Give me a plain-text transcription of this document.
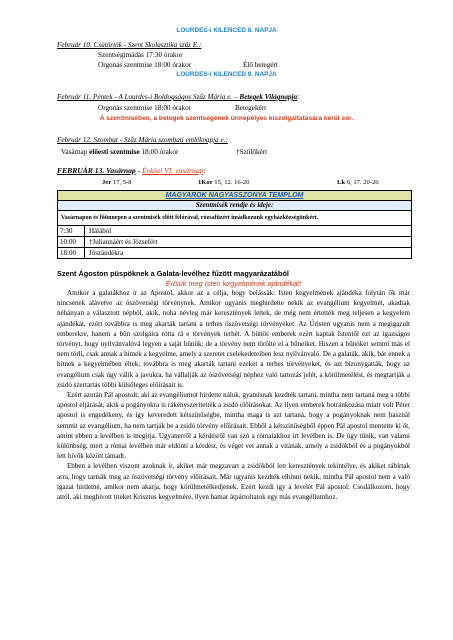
LOURDES-i KILENCED 8. NAPJA
Február 10. Csütörtök - Szent Skolasztika szűz E.:
Szentségimádás 17:30 órakor
Orgonás szentmise 18:00 órakor	Élő betegért
LOURDES-i KILENCED 9. NAPJA
Február 11. Péntek - A Lourdes-i Boldogságos Szűz Mária e. – Betegek Világnapja:
Orgonás szentmise 18:00 órakor	Betegekért
A szentmisében, a betegek szentségének ünnepélyes kiszolgáltatására kerül sor.
Február 12. Szombat - Szűz Mária szombati emléknapja e.:
Vasárnap előesti szentmise 18:00 órakor	†Szülőkért
FEBRUÁR 13. Vasárnap - Évközi VI. vasárnap:
Jer 17, 5-8	1Kor 15, 12. 16-20	Lk 6, 17. 20-26
MAGYAROK NAGYASSZONYA TEMPLOM
Szentmisék rendje és ideje:
Vasárnapon és főünnepen a szentmisék előtt félórával, rózsafüzért imádkozunk egyházközségünkért.
7:30	Hálából
10:00	†Juliannáért és Józsefért
18:00	Jószándékra
Szent Ágoston püspöknek a Galata-levélhez fűzött magyarázatából
Értsük meg Isten kegyelmének ajándékát!

Amikor a galatákhoz ír az Apostol, akkor az a célja, hogy belássák: Isten kegyelmének ajándéka folytán ők már nincsenek alávetve az ószövetségi törvénynek. Amikor ugyanis meghirdette nekik az evangélium kegyelmét, akadtak néhányan a választott népből, akik, noha névleg már keresztények lettek, de még nem értették meg teljesen a kegyelem ajándékát, ezért továbbra is meg akarták tartani a terhes ószövetségi törvényeket. Az Úristen ugyanis nem a megigazult emberekre, hanem a bűn szolgáira rótta rá e törvények terhét. A bűnös emberek ezért kaptak Istentől ezt az igazságos törvényt, hogy nyilvánvalóvá legyen a saját bűnük; de a törvény nem törölte el a bűneiket. Hiszen a bűnöket semmi más el nem törli, csak annak a hitnek a kegyelme, amely a szeretet cselekedeteiben lesz nyilvánvaló. De a galaták, akik, bár ennek a hitnek a kegyelmében éltek, továbbra is meg akarták tartani ezeket a terhes törvényeket, és azt bizonygatták, hogy az evangélium csak úgy válik a javukra, ha vállalják az ószövetségi néphez való tartozás jelét, a körülmetélést, és megtartják a zsidó szertartás többi külsőleges előírásait is.

Ezért azután Pál apostolt, aki az evangéliumot hirdette náluk, gyanúsnak kezdték tartani, mintha nem tartaná meg a többi apostol eljárását, akik a pogányokra is rákényszerítették a zsidó előírásokat. Az ilyen emberek botránkozása miatt volt Péter apostol is engedékeny, és így keveredett kétszínűségbe, mintha maga is azt tartaná, hogy a pogányoknak nem használ semmit az evangélium, ha nem tartják be a zsidó törvény előírásait. Ebből a kétszínűségből éppen Pál apostol mentette ki őt, amint ebben a levélben is megírja. Ugyanerről a kérdésről van szó a rómaiakhoz írt levélben is. De úgy tűnik, van valami különbség, mert a római levélben már eldönti a kérdést, és véget vet annak a vitának, amely a zsidókból és a pogányokból lett hívők között támadt.

Ebben a levélben viszont azoknak ír, akiket már megzavart a zsidókból lett keresztények tekintélye, és akiket rábírtak arra, hogy tartsák meg az ószövetségi törvény előírásait. Már ugyanis kezdték elhinni nekik, mintha Pál apostol nem a való igazat hirdetné, amikor nem akarja, hogy körülmetélkedjenek. Ezért kezdi így a levelét Pál apostol: Csodálkozom, hogy attól, aki meghívott titeket Krisztus kegyelmére, ilyen hamar átpártoltatok egy más evangéliumhoz.
